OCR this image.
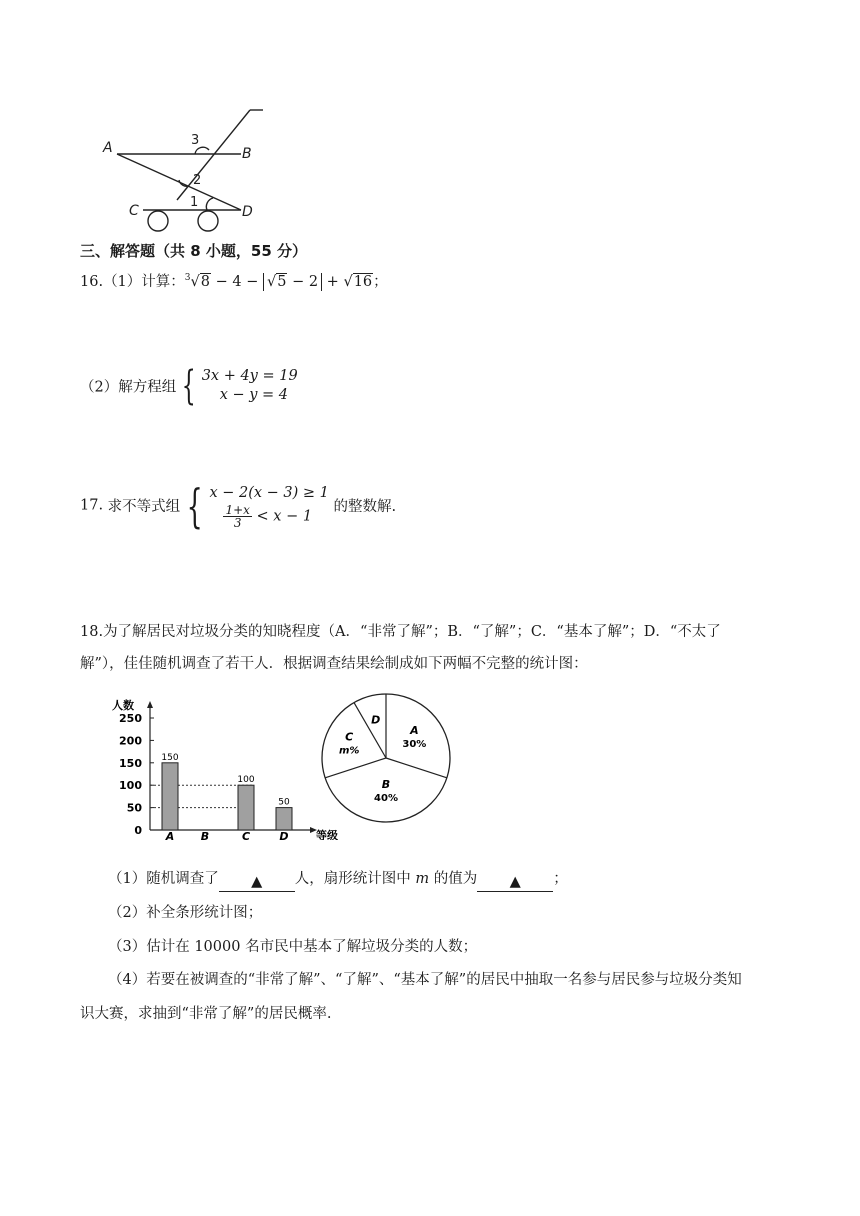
A	B
C	D
3
2
1
三、解答题（共 8 小题，55 分）
16.（1）计算：$^3$√8 − 4 − √5 − 2 + √16；
（2）解方程组 { 3x + 4y = 19
x − y = 4
17. 求不等式组 { x − 2(x − 3) ≥ 1
$\frac{1+x}{3} < x - 1$
的整数解.
18.为了解居民对垃圾分类的知晓程度（A．“非常了解”；B．“了解”；C．“基本了解”；D．“不太了
解”），佳佳随机调查了若干人．根据调查结果绘制成如下两幅不完整的统计图：
人数
等级
0
50
100
150
200
250
150
A B
100
C
50
D
A
30%
B
40%
C
m%
D
（1）随机调查了 ▲ 人，扇形统计图中 m 的值为 ▲ ；
（2）补全条形统计图；
（3）估计在 10000 名市民中基本了解垃圾分类的人数；
（4）若要在被调查的“非常了解”、“了解”、“基本了解”的居民中抽取一名参与居民参与垃圾分类知
识大赛，求抽到“非常了解”的居民概率.
